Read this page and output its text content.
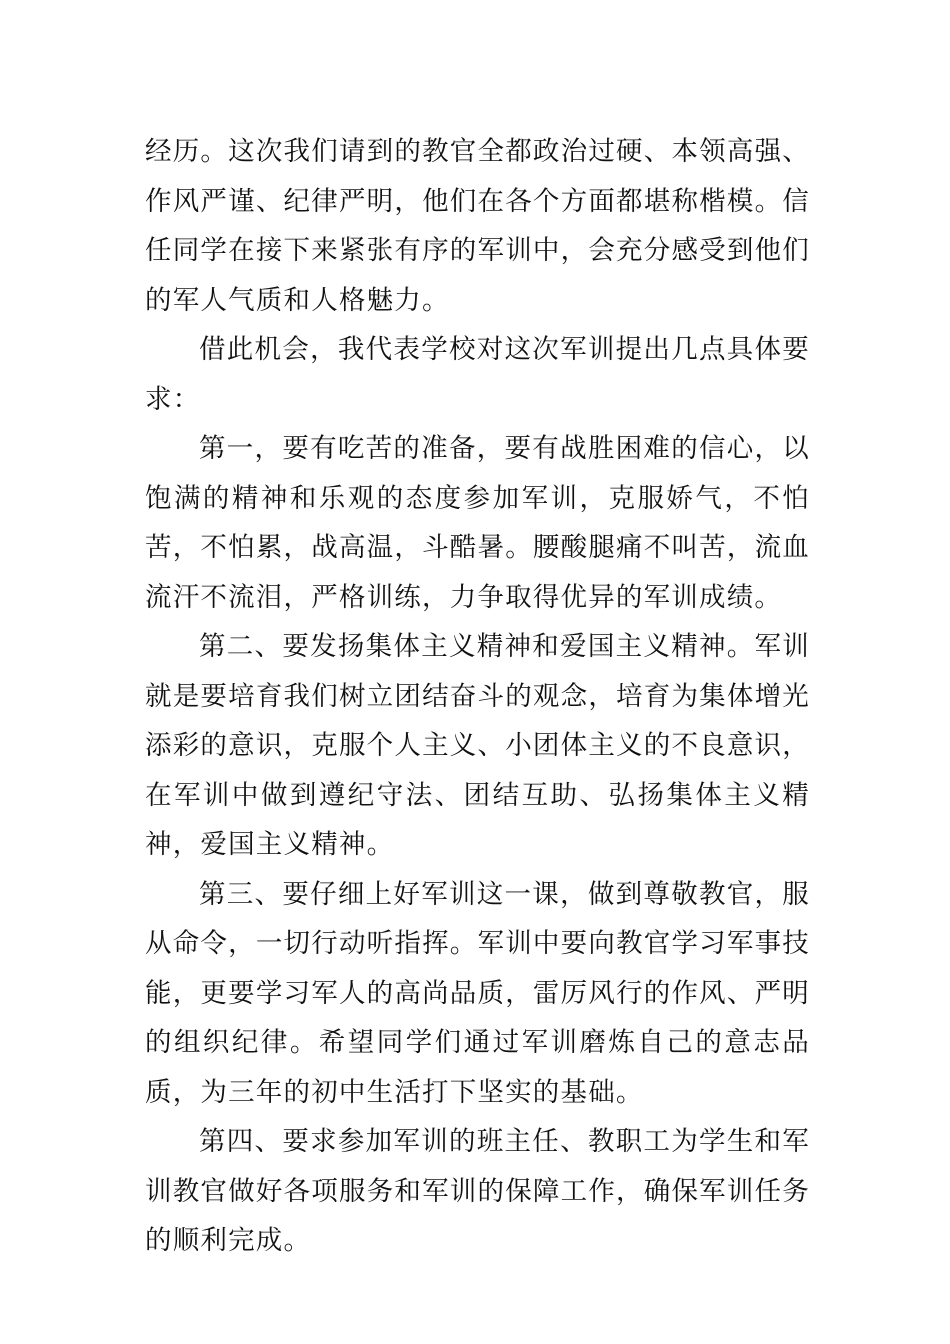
经历。这次我们请到的教官全都政治过硬、本领高强、作风严谨、纪律严明，他们在各个方面都堪称楷模。信任同学在接下来紧张有序的军训中，会充分感受到他们的军人气质和人格魅力。

借此机会，我代表学校对这次军训提出几点具体要求：

第一，要有吃苦的准备，要有战胜困难的信心，以饱满的精神和乐观的态度参加军训，克服娇气，不怕苦，不怕累，战高温，斗酷暑。腰酸腿痛不叫苦，流血流汗不流泪，严格训练，力争取得优异的军训成绩。

第二、要发扬集体主义精神和爱国主义精神。军训就是要培育我们树立团结奋斗的观念，培育为集体增光添彩的意识，克服个人主义、小团体主义的不良意识，在军训中做到遵纪守法、团结互助、弘扬集体主义精神，爱国主义精神。

第三、要仔细上好军训这一课，做到尊敬教官，服从命令，一切行动听指挥。军训中要向教官学习军事技能，更要学习军人的高尚品质，雷厉风行的作风、严明的组织纪律。希望同学们通过军训磨炼自己的意志品质，为三年的初中生活打下坚实的基础。

第四、要求参加军训的班主任、教职工为学生和军训教官做好各项服务和军训的保障工作，确保军训任务的顺利完成。
